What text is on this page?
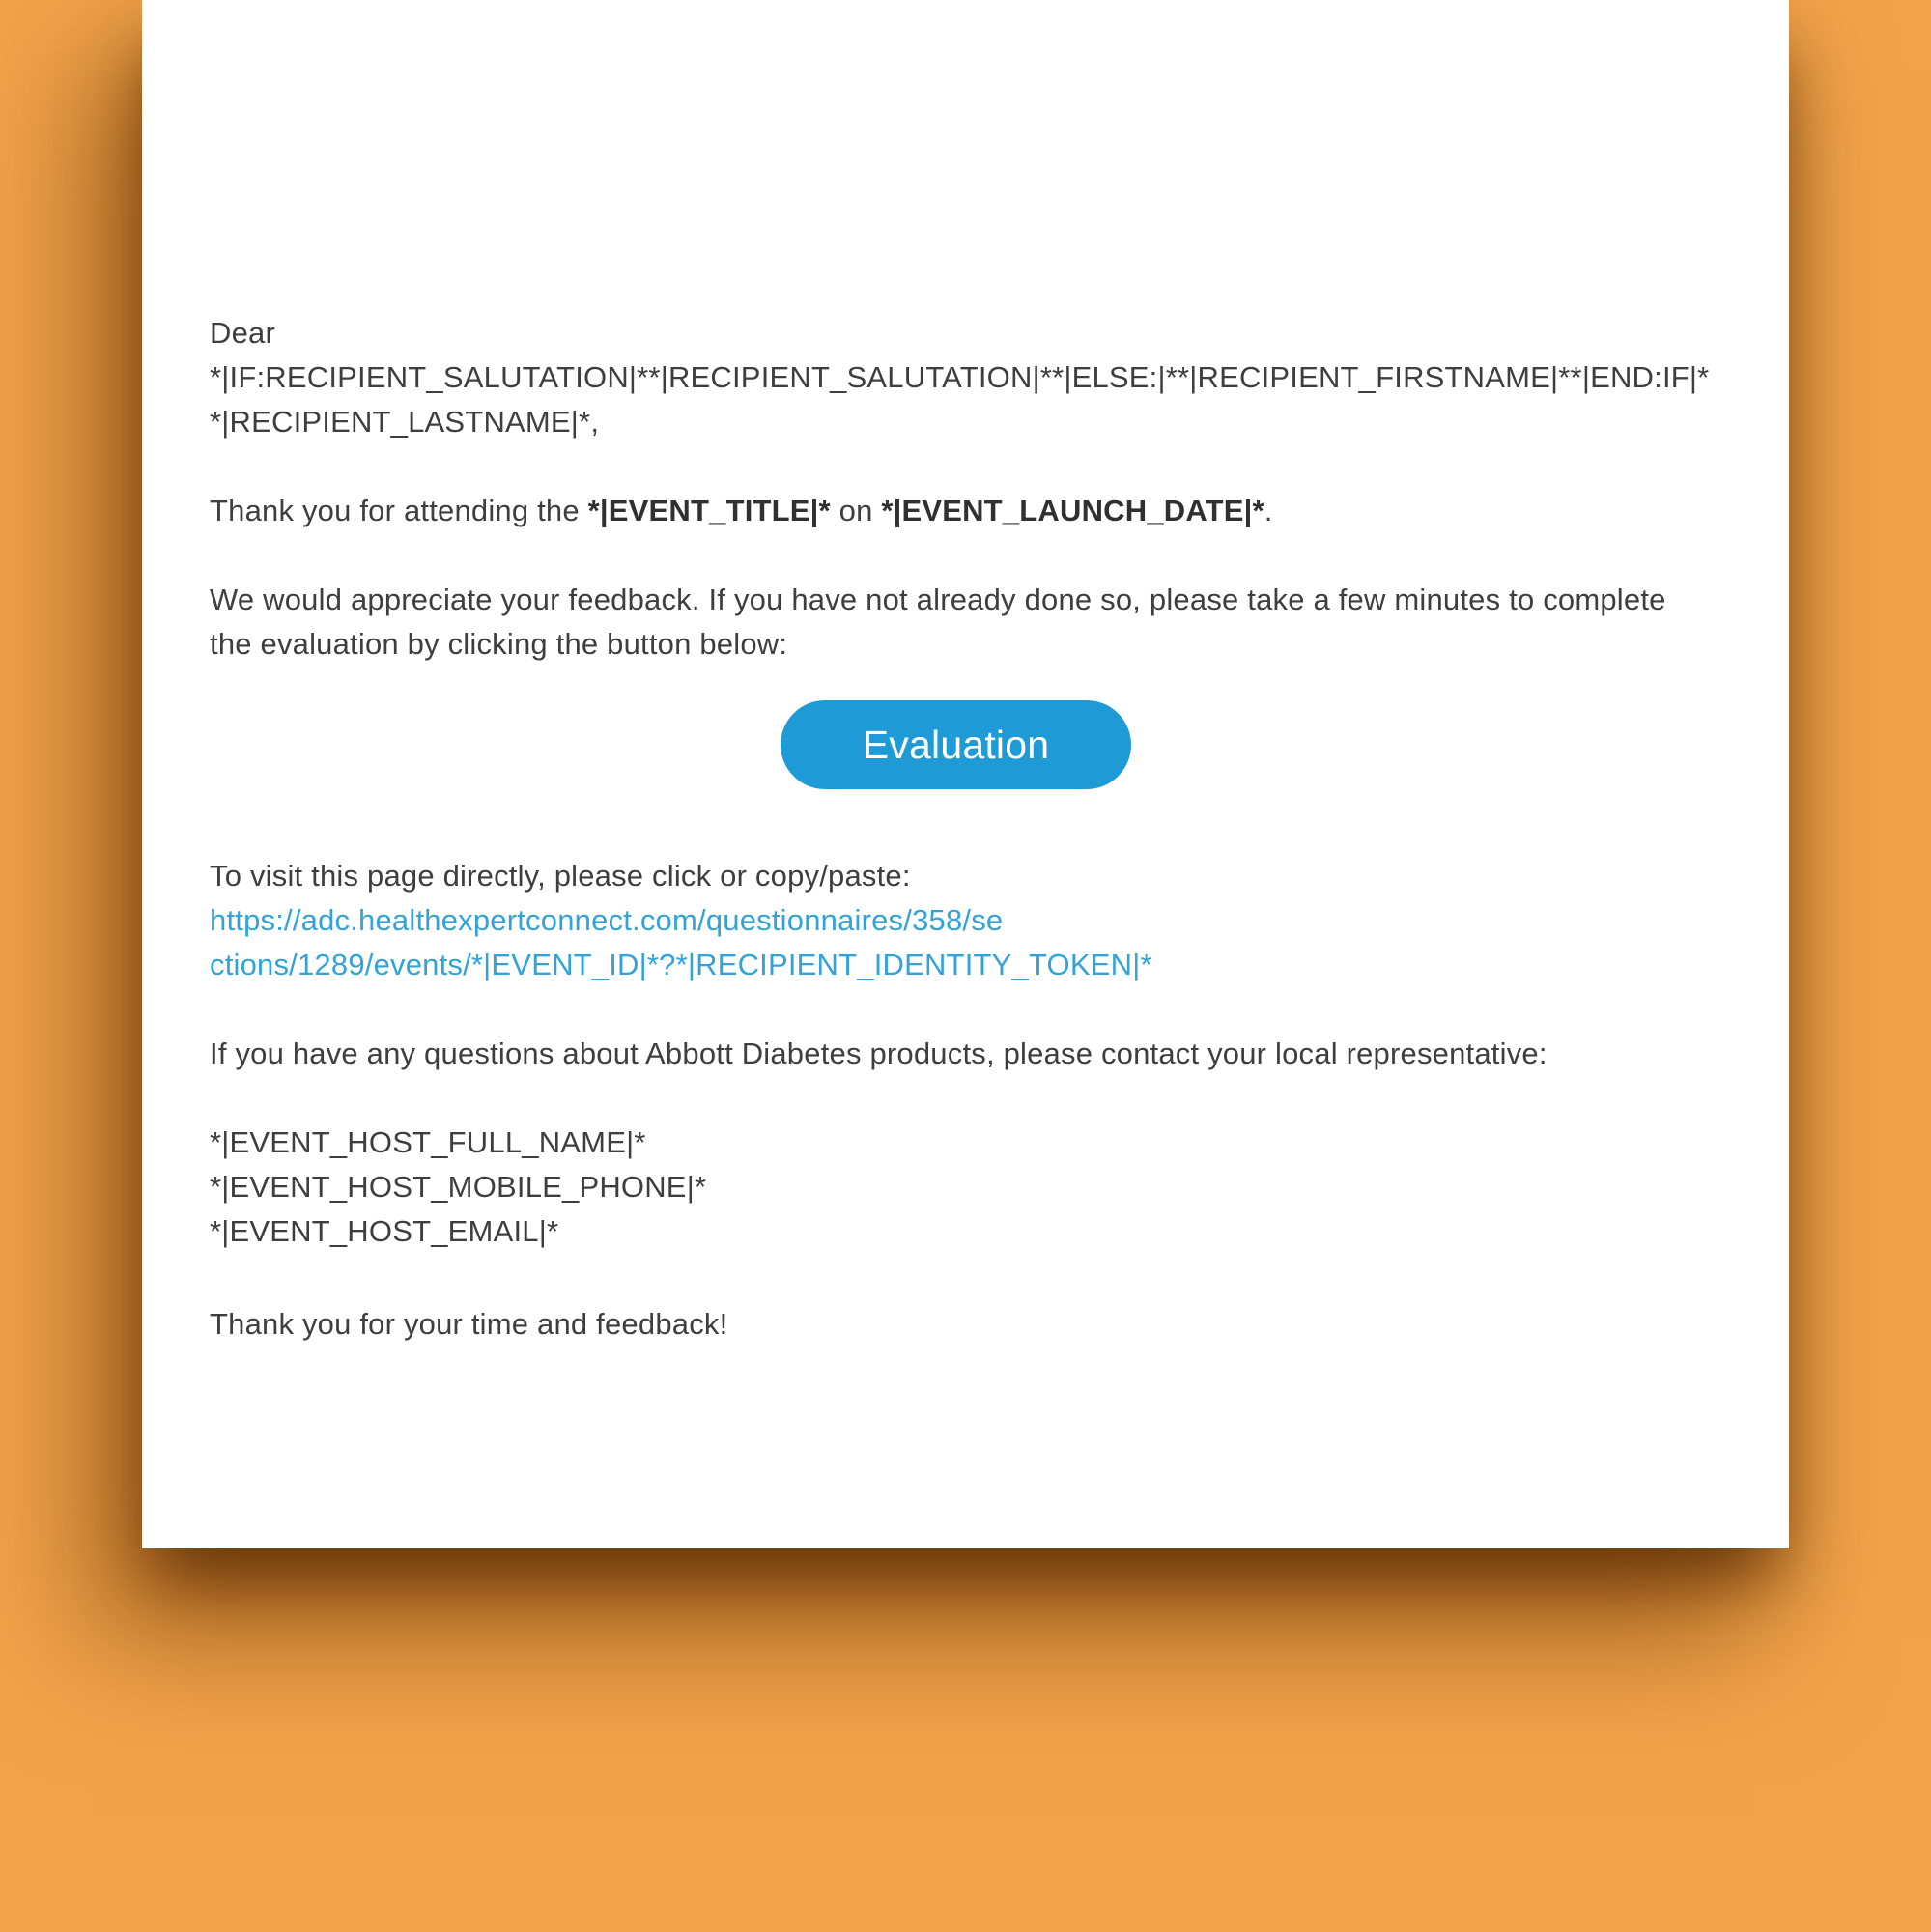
Dear
*|IF:RECIPIENT_SALUTATION|**|RECIPIENT_SALUTATION|**|ELSE:|**|RECIPIENT_FIRSTNAME|**|END:IF|*
*|RECIPIENT_LASTNAME|*,

Thank you for attending the *|EVENT_TITLE|* on *|EVENT_LAUNCH_DATE|*.

We would appreciate your feedback. If you have not already done so, please take a few minutes to complete
the evaluation by clicking the button below:

Evaluation

To visit this page directly, please click or copy/paste: https://adc.healthexpertconnect.com/questionnaires/358/se
ctions/1289/events/*|EVENT_ID|*?*|RECIPIENT_IDENTITY_TOKEN|*

If you have any questions about Abbott Diabetes products, please contact your local representative:

*|EVENT_HOST_FULL_NAME|*
*|EVENT_HOST_MOBILE_PHONE|*
*|EVENT_HOST_EMAIL|*

Thank you for your time and feedback!
